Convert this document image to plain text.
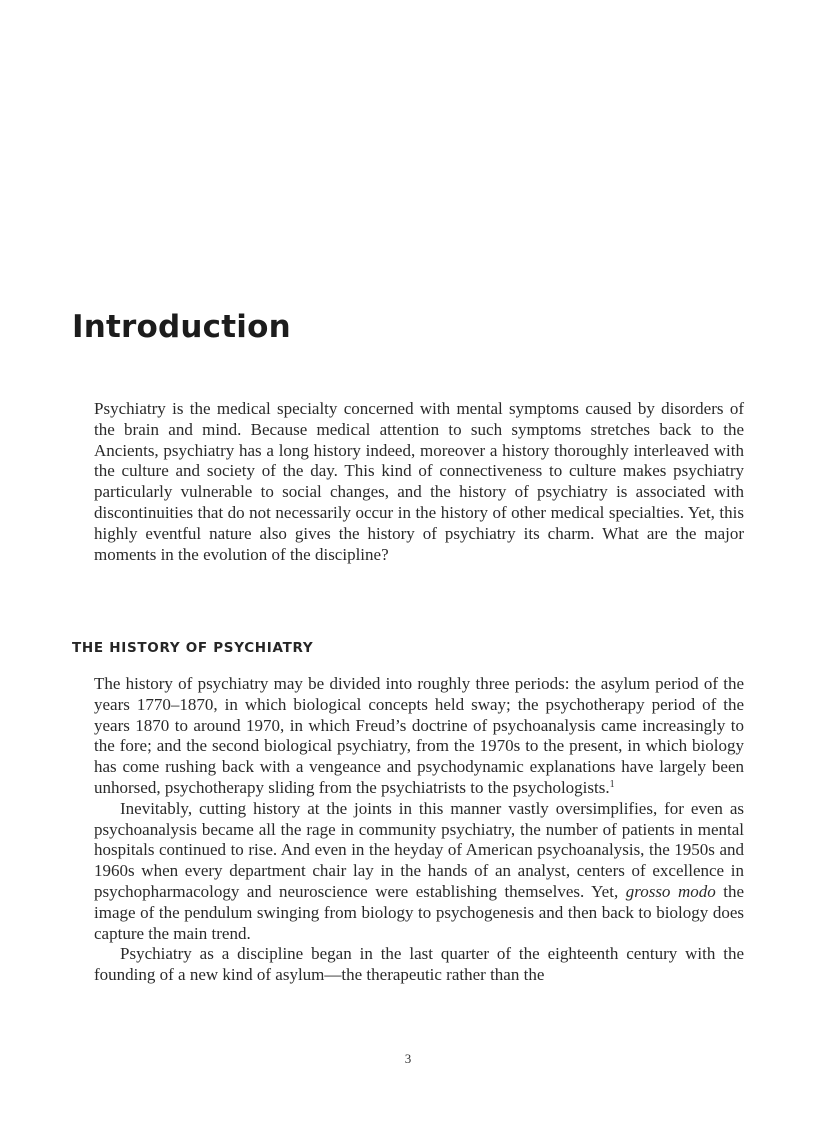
Introduction

Psychiatry is the medical specialty concerned with mental symptoms caused by disorders of the brain and mind. Because medical attention to such symptoms stretches back to the Ancients, psychiatry has a long history indeed, moreover a history thoroughly interleaved with the culture and society of the day. This kind of connectiveness to culture makes psychiatry particularly vulnerable to social changes, and the history of psychiatry is associated with discontinuities that do not necessarily occur in the history of other medical specialties. Yet, this highly eventful nature also gives the history of psychiatry its charm. What are the major moments in the evolution of the discipline?

THE HISTORY OF PSYCHIATRY

The history of psychiatry may be divided into roughly three periods: the asylum period of the years 1770–1870, in which biological concepts held sway; the psychotherapy period of the years 1870 to around 1970, in which Freud’s doctrine of psychoanalysis came increasingly to the fore; and the second biological psychiatry, from the 1970s to the present, in which biology has come rushing back with a vengeance and psychodynamic explanations have largely been unhorsed, psychotherapy sliding from the psychiatrists to the psychologists.$^1$

Inevitably, cutting history at the joints in this manner vastly oversimplifies, for even as psychoanalysis became all the rage in community psychiatry, the number of patients in mental hospitals continued to rise. And even in the heyday of American psychoanalysis, the 1950s and 1960s when every department chair lay in the hands of an analyst, centers of excellence in psychopharmacology and neuroscience were establishing themselves. Yet, grosso modo the image of the pendulum swinging from biology to psychogenesis and then back to biology does capture the main trend.

Psychiatry as a discipline began in the last quarter of the eighteenth century with the founding of a new kind of asylum—the therapeutic rather than the

3
